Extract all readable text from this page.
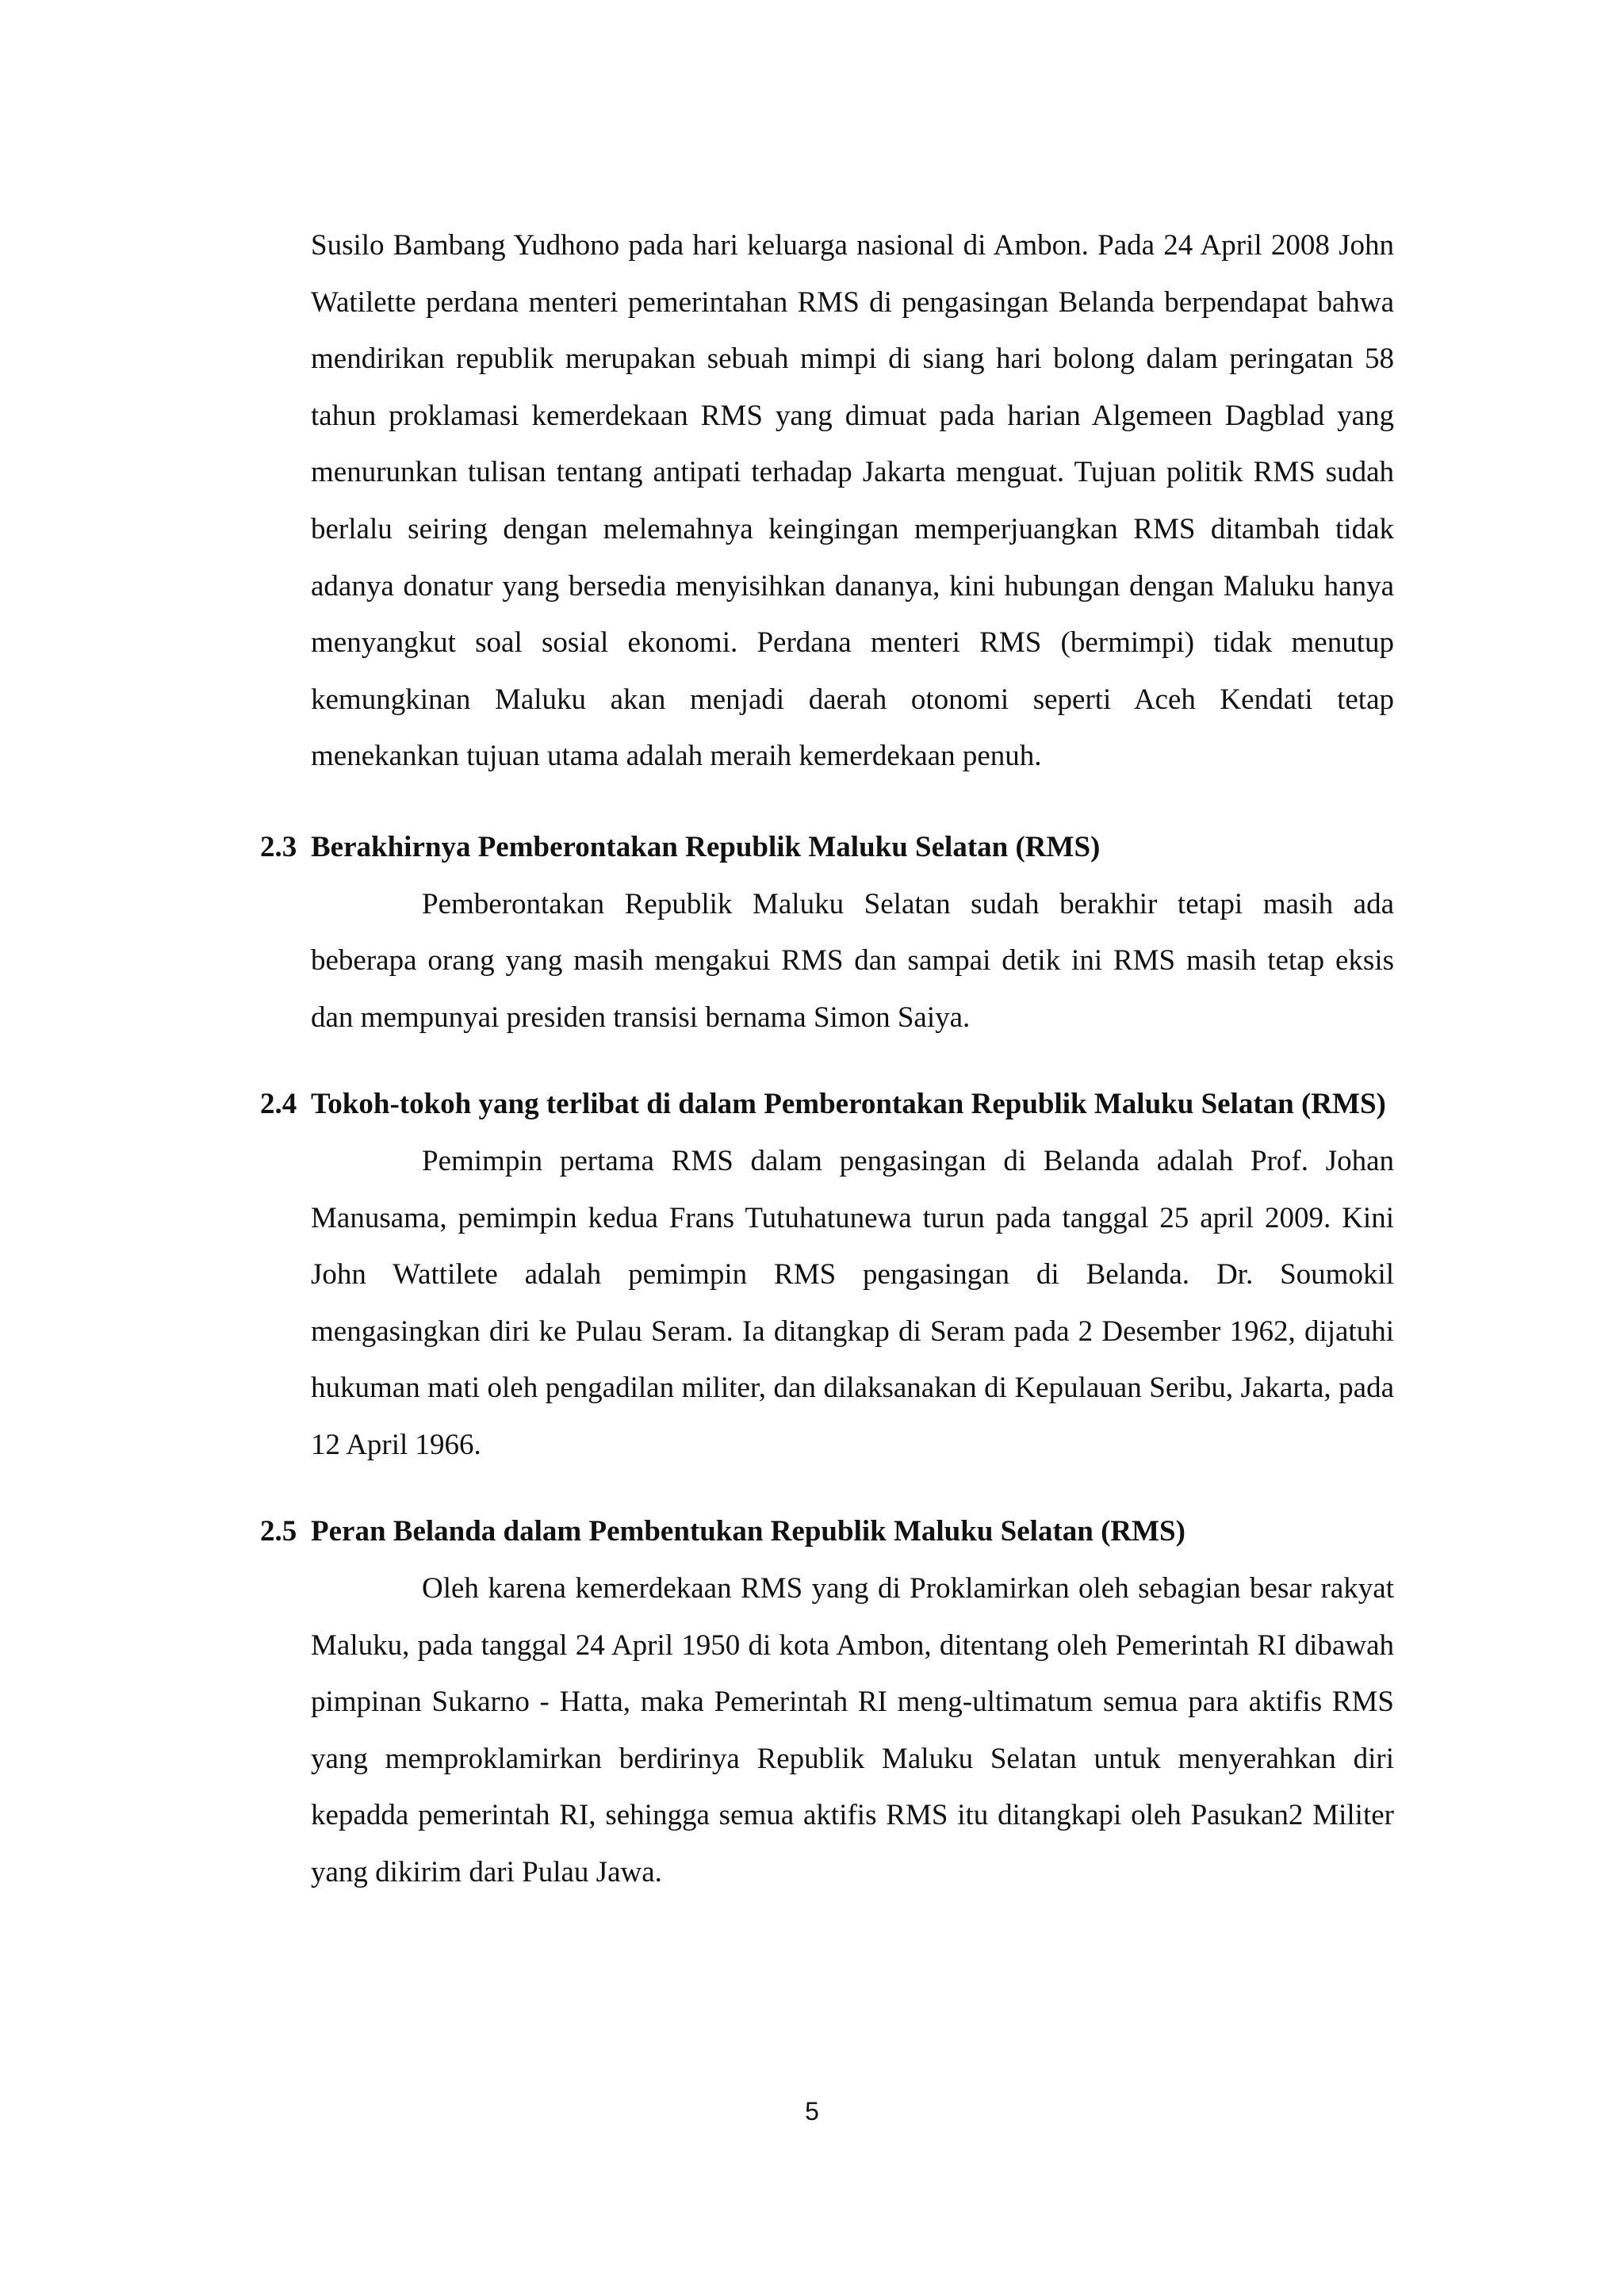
Susilo Bambang Yudhono pada hari keluarga nasional di Ambon. Pada 24 April 2008 John Watilette perdana menteri pemerintahan RMS di pengasingan Belanda berpendapat bahwa mendirikan republik merupakan sebuah mimpi di siang hari bolong dalam peringatan 58 tahun proklamasi kemerdekaan RMS yang dimuat pada harian Algemeen Dagblad yang menurunkan tulisan tentang antipati terhadap Jakarta menguat. Tujuan politik RMS sudah berlalu seiring dengan melemahnya keingingan memperjuangkan RMS ditambah tidak adanya donatur yang bersedia menyisihkan dananya, kini hubungan dengan Maluku hanya menyangkut soal sosial ekonomi. Perdana menteri RMS (bermimpi) tidak menutup kemungkinan Maluku akan menjadi daerah otonomi seperti Aceh Kendati tetap menekankan tujuan utama adalah meraih kemerdekaan penuh.

2.3 Berakhirnya Pemberontakan Republik Maluku Selatan (RMS)

Pemberontakan Republik Maluku Selatan sudah berakhir tetapi masih ada beberapa orang yang masih mengakui RMS dan sampai detik ini RMS masih tetap eksis dan mempunyai presiden transisi bernama Simon Saiya.

2.4 Tokoh-tokoh yang terlibat di dalam Pemberontakan Republik Maluku Selatan (RMS)

Pemimpin pertama RMS dalam pengasingan di Belanda adalah Prof. Johan Manusama, pemimpin kedua Frans Tutuhatunewa turun pada tanggal 25 april 2009. Kini John Wattilete adalah pemimpin RMS pengasingan di Belanda. Dr. Soumokil mengasingkan diri ke Pulau Seram. Ia ditangkap di Seram pada 2 Desember 1962, dijatuhi hukuman mati oleh pengadilan militer, dan dilaksanakan di Kepulauan Seribu, Jakarta, pada 12 April 1966.

2.5 Peran Belanda dalam Pembentukan Republik Maluku Selatan (RMS)

Oleh karena kemerdekaan RMS yang di Proklamirkan oleh sebagian besar rakyat Maluku, pada tanggal 24 April 1950 di kota Ambon, ditentang oleh Pemerintah RI dibawah pimpinan Sukarno - Hatta, maka Pemerintah RI meng-ultimatum semua para aktifis RMS yang memproklamirkan berdirinya Republik Maluku Selatan untuk menyerahkan diri kepadda pemerintah RI, sehingga semua aktifis RMS itu ditangkapi oleh Pasukan2 Militer yang dikirim dari Pulau Jawa.

5
